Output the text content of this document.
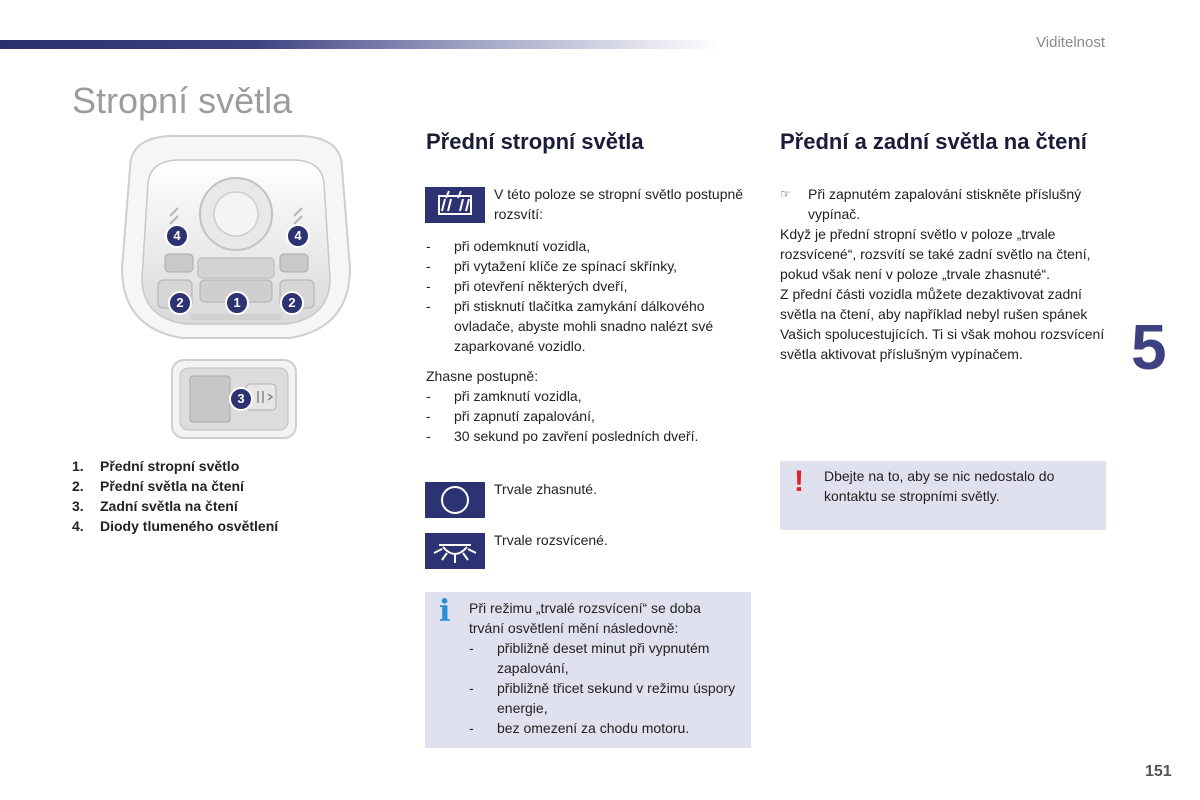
Viditelnost
Stropní světla
5
151
4	4
2	1	2
3
1.	Přední stropní světlo
2.	Přední světla na čtení
3.	Zadní světla na čtení
4.	Diody tlumeného osvětlení
Přední stropní světla
V této poloze se stropní světlo postupně rozsvítí:
- při odemknutí vozidla,
- při vytažení klíče ze spínací skřínky,
- při otevření některých dveří,
- při stisknutí tlačítka zamykání dálkového ovladače, abyste mohli snadno nalézt své zaparkované vozidlo.

Zhasne postupně:

- při zamknutí vozidla,
- při zapnutí zapalování,
- 30 sekund po zavření posledních dveří.
Trvale zhasnuté.
Trvale rozsvícené.
i Při režimu „trvalé rozsvícení“ se doba trvání osvětlení mění následovně:

- přibližně deset minut při vypnutém zapalování,
- přibližně třicet sekund v režimu úspory energie,
- bez omezení za chodu motoru.
Přední a zadní světla na čtení
☞ Při zapnutém zapalování stiskněte příslušný vypínač.

Když je přední stropní světlo v poloze „trvale rozsvícené“, rozsvítí se také zadní světlo na čtení, pokud však není v poloze „trvale zhasnuté“.

Z přední části vozidla můžete dezaktivovat zadní světla na čtení, aby například nebyl rušen spánek Vašich spolucestujících. Ti si však mohou rozsvícení světla aktivovat příslušným vypínačem.

! Dbejte na to, aby se nic nedostalo do kontaktu se stropními světly.
